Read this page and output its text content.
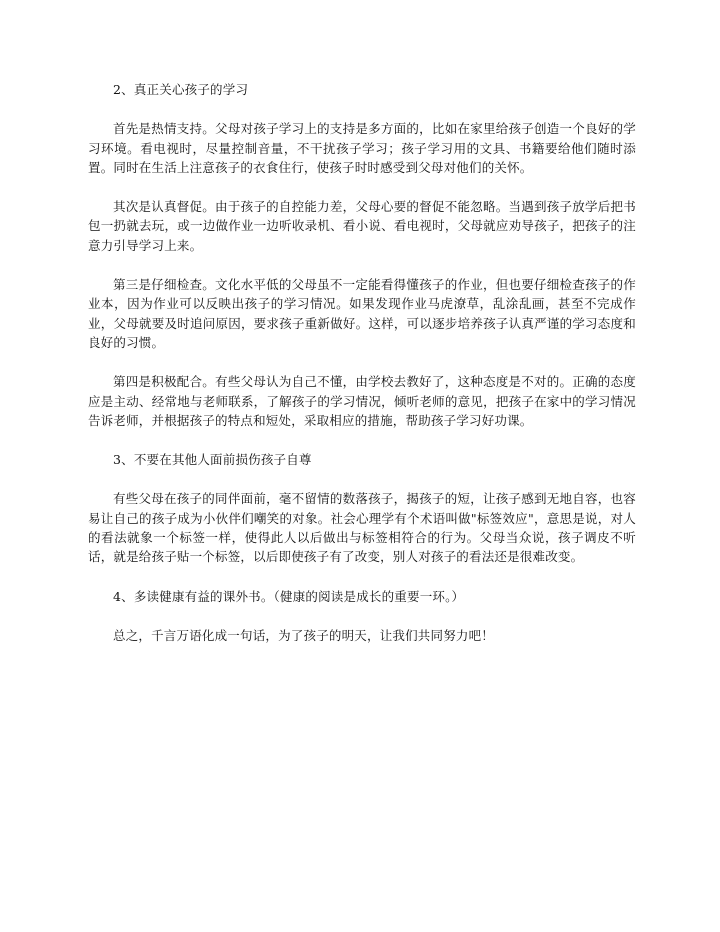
2、真正关心孩子的学习

首先是热情支持。父母对孩子学习上的支持是多方面的，比如在家里给孩子创造一个良好的学习环境。看电视时，尽量控制音量，不干扰孩子学习；孩子学习用的文具、书籍要给他们随时添置。同时在生活上注意孩子的衣食住行，使孩子时时感受到父母对他们的关怀。

其次是认真督促。由于孩子的自控能力差，父母心要的督促不能忽略。当遇到孩子放学后把书包一扔就去玩，或一边做作业一边听收录机、看小说、看电视时，父母就应劝导孩子，把孩子的注意力引导学习上来。

第三是仔细检查。文化水平低的父母虽不一定能看得懂孩子的作业，但也要仔细检查孩子的作业本，因为作业可以反映出孩子的学习情况。如果发现作业马虎潦草，乱涂乱画，甚至不完成作业，父母就要及时追问原因，要求孩子重新做好。这样，可以逐步培养孩子认真严谨的学习态度和良好的习惯。

第四是积极配合。有些父母认为自己不懂，由学校去教好了，这种态度是不对的。正确的态度应是主动、经常地与老师联系，了解孩子的学习情况，倾听老师的意见，把孩子在家中的学习情况告诉老师，并根据孩子的特点和短处，采取相应的措施，帮助孩子学习好功课。

3、不要在其他人面前损伤孩子自尊

有些父母在孩子的同伴面前，毫不留情的数落孩子，揭孩子的短，让孩子感到无地自容，也容易让自己的孩子成为小伙伴们嘲笑的对象。社会心理学有个术语叫做"标签效应"，意思是说，对人的看法就象一个标签一样，使得此人以后做出与标签相符合的行为。父母当众说，孩子调皮不听话，就是给孩子贴一个标签，以后即使孩子有了改变，别人对孩子的看法还是很难改变。

4、多读健康有益的课外书。（健康的阅读是成长的重要一环。）

总之，千言万语化成一句话，为了孩子的明天，让我们共同努力吧！
